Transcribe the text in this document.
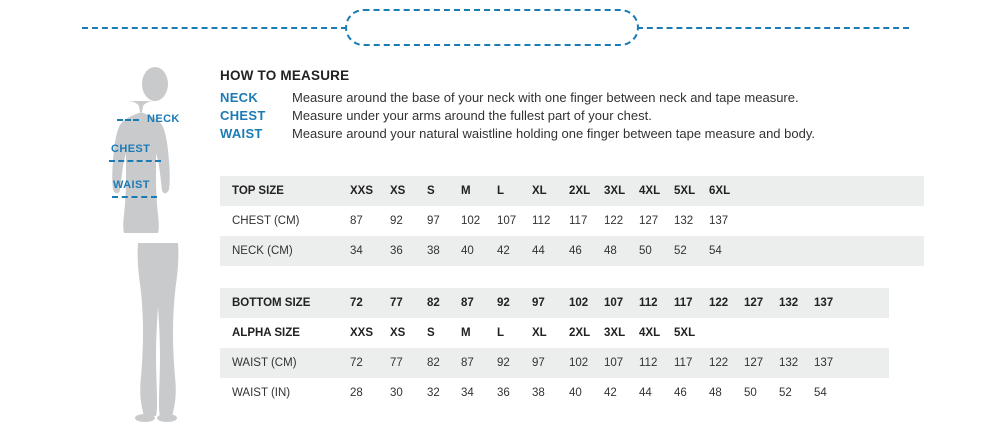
NECK
CHEST
WAIST
HOW TO MEASURE
NECK	Measure around the base of your neck with one finger between neck and tape measure.
CHEST	Measure under your arms around the fullest part of your chest.
WAIST	Measure around your natural waistline holding one finger between tape measure and body.
TOP SIZE	XXS	XS	S	M	L	XL	2XL	3XL	4XL	5XL	6XL
CHEST (CM)	87	92	97	102	107	112	117	122	127	132	137
NECK (CM)	34	36	38	40	42	44	46	48	50	52	54
BOTTOM SIZE	72	77	82	87	92	97	102	107	112	117	122	127	132	137
ALPHA SIZE	XXS	XS	S	M	L	XL	2XL	3XL	4XL	5XL				
WAIST (CM)	72	77	82	87	92	97	102	107	112	117	122	127	132	137
WAIST (IN)	28	30	32	34	36	38	40	42	44	46	48	50	52	54
